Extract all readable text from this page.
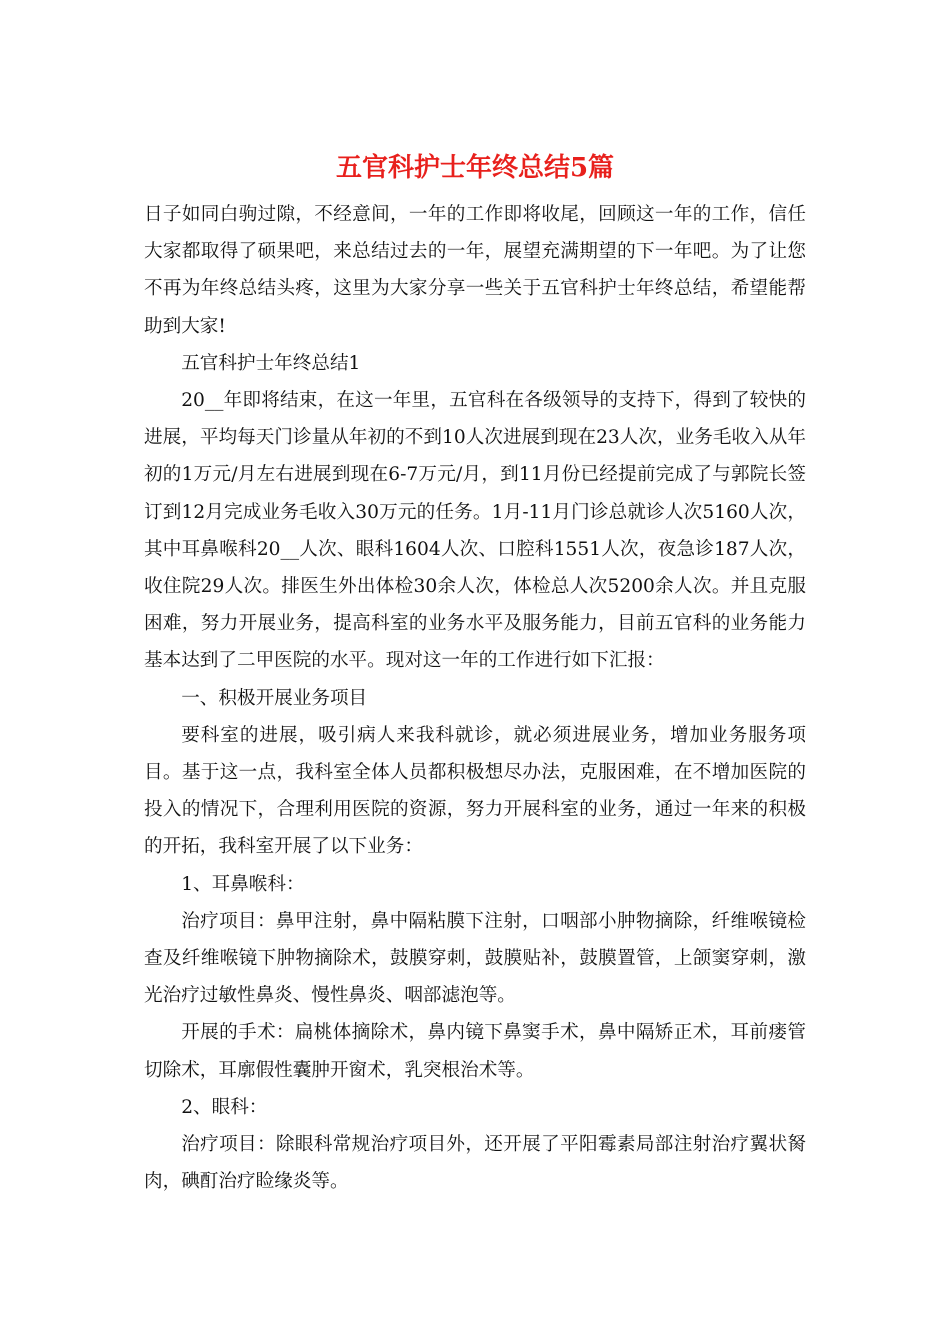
五官科护士年终总结5篇

日子如同白驹过隙，不经意间，一年的工作即将收尾，回顾这一年的工作，信任大家都取得了硕果吧，来总结过去的一年，展望充满期望的下一年吧。为了让您不再为年终总结头疼，这里为大家分享一些关于五官科护士年终总结，希望能帮助到大家!

五官科护士年终总结1

20__年即将结束，在这一年里，五官科在各级领导的支持下，得到了较快的进展，平均每天门诊量从年初的不到10人次进展到现在23人次，业务毛收入从年初的1万元/月左右进展到现在6-7万元/月，到11月份已经提前完成了与郭院长签订到12月完成业务毛收入30万元的任务。1月-11月门诊总就诊人次5160人次，其中耳鼻喉科20__人次、眼科1604人次、口腔科1551人次，夜急诊187人次，收住院29人次。排医生外出体检30余人次，体检总人次5200余人次。并且克服困难，努力开展业务，提高科室的业务水平及服务能力，目前五官科的业务能力基本达到了二甲医院的水平。现对这一年的工作进行如下汇报：

一、积极开展业务项目

要科室的进展，吸引病人来我科就诊，就必须进展业务，增加业务服务项目。基于这一点，我科室全体人员都积极想尽办法，克服困难，在不增加医院的投入的情况下，合理利用医院的资源，努力开展科室的业务，通过一年来的积极的开拓，我科室开展了以下业务：

1、耳鼻喉科：

治疗项目：鼻甲注射，鼻中隔粘膜下注射，口咽部小肿物摘除，纤维喉镜检查及纤维喉镜下肿物摘除术，鼓膜穿刺，鼓膜贴补，鼓膜置管，上颌窦穿刺，激光治疗过敏性鼻炎、慢性鼻炎、咽部滤泡等。

开展的手术：扁桃体摘除术，鼻内镜下鼻窦手术，鼻中隔矫正术，耳前瘘管切除术，耳廓假性囊肿开窗术，乳突根治术等。

2、眼科：

治疗项目：除眼科常规治疗项目外，还开展了平阳霉素局部注射治疗翼状胬肉，碘酊治疗睑缘炎等。
